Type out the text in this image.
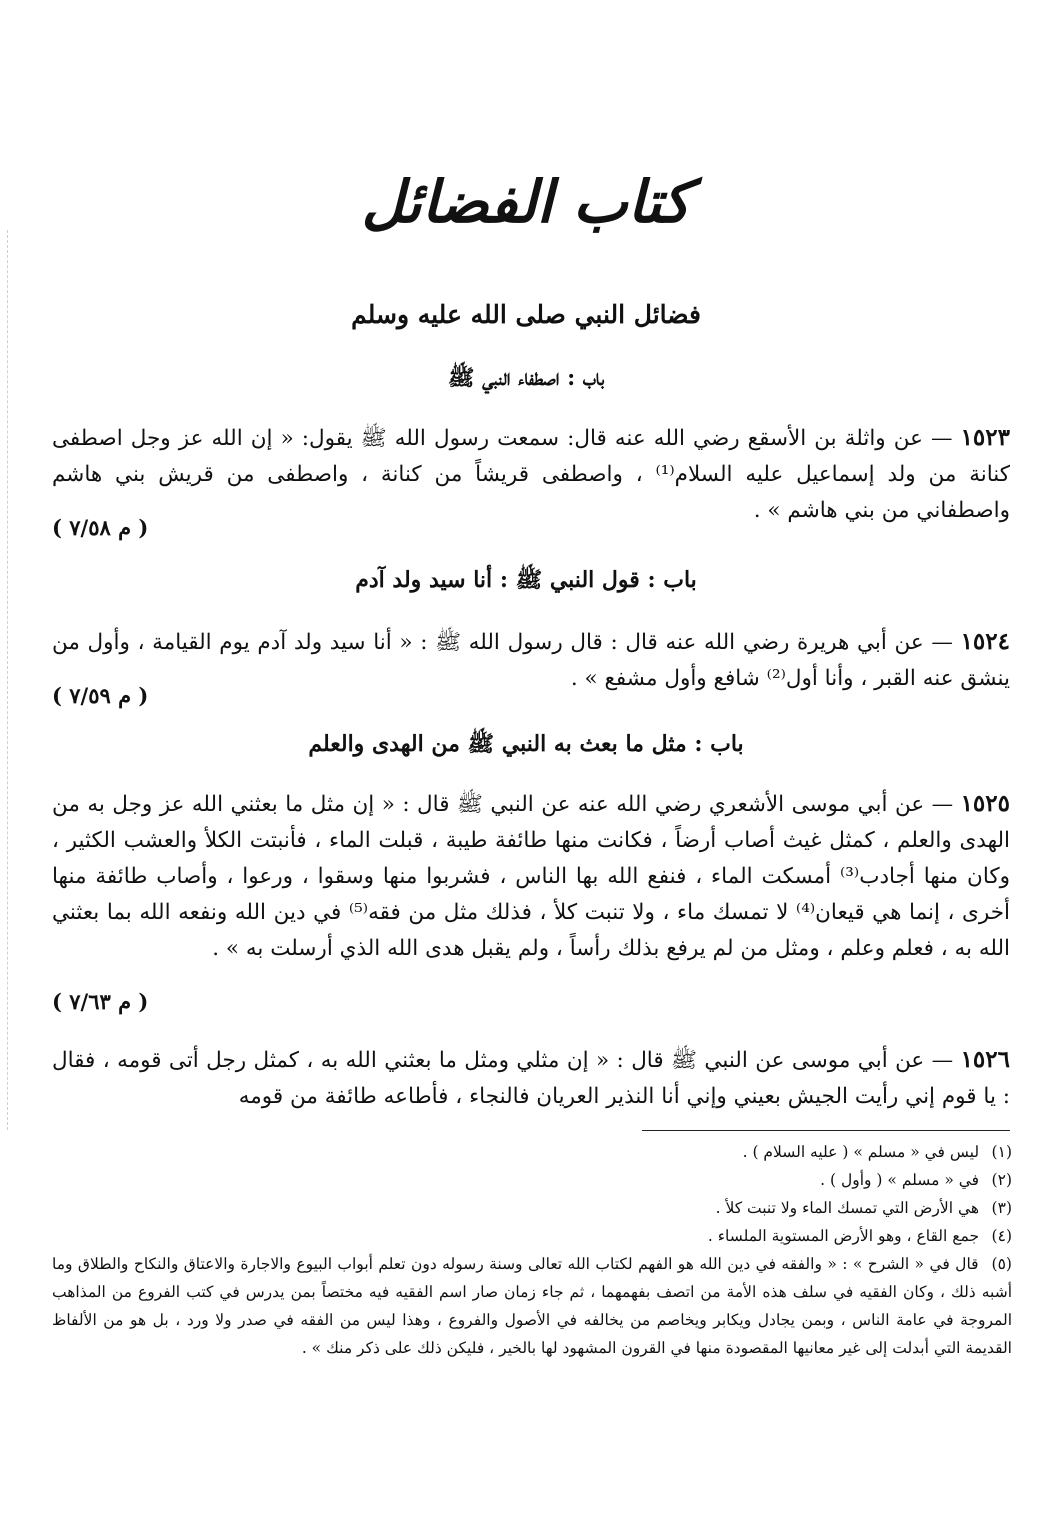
كتاب الفضائل
فضائل النبي صلى الله عليه وسلم
باب : اصطفاء النبي ﷺ
١٥٢٣ — عن واثلة بن الأسقع رضي الله عنه قال: سمعت رسول الله ﷺ يقول: « إن الله عز وجل اصطفى كنانة من ولد إسماعيل عليه السلام⁽¹⁾ ، واصطفى قريشاً من كنانة ، واصطفى من قريش بني هاشم واصطفاني من بني هاشم » .
( م ٧/٥٨ )
باب : قول النبي ﷺ : أنا سيد ولد آدم
١٥٢٤ — عن أبي هريرة رضي الله عنه قال : قال رسول الله ﷺ : « أنا سيد ولد آدم يوم القيامة ، وأول من ينشق عنه القبر ، وأنا أول⁽²⁾ شافع وأول مشفع » .
( م ٧/٥٩ )
باب : مثل ما بعث به النبي ﷺ من الهدى والعلم
١٥٢٥ — عن أبي موسى الأشعري رضي الله عنه عن النبي ﷺ قال : « إن مثل ما بعثني الله عز وجل به من الهدى والعلم ، كمثل غيث أصاب أرضاً ، فكانت منها طائفة طيبة ، قبلت الماء ، فأنبتت الكلأ والعشب الكثير ، وكان منها أجادب⁽³⁾ أمسكت الماء ، فنفع الله بها الناس ، فشربوا منها وسقوا ، ورعوا ، وأصاب طائفة منها أخرى ، إنما هي قيعان⁽⁴⁾ لا تمسك ماء ، ولا تنبت كلأ ، فذلك مثل من فقه⁽⁵⁾ في دين الله ونفعه الله بما بعثني الله به ، فعلم وعلم ، ومثل من لم يرفع بذلك رأساً ، ولم يقبل هدى الله الذي أرسلت به » .
( م ٧/٦٣ )
١٥٢٦ — عن أبي موسى عن النبي ﷺ قال : « إن مثلي ومثل ما بعثني الله به ، كمثل رجل أتى قومه ، فقال : يا قوم إني رأيت الجيش بعيني وإني أنا النذير العريان فالنجاء ، فأطاعه طائفة من قومه

(١) ليس في « مسلم » ( عليه السلام ) .

(٢) في « مسلم » ( وأول ) .

(٣) هي الأرض التي تمسك الماء ولا تنبت كلأ .

(٤) جمع القاع ، وهو الأرض المستوية الملساء .

(٥) قال في « الشرح » : « والفقه في دين الله هو الفهم لكتاب الله تعالى وسنة رسوله دون تعلم أبواب البيوع والاجارة والاعتاق والنكاح والطلاق وما أشبه ذلك ، وكان الفقيه في سلف هذه الأمة من اتصف بفهمهما ، ثم جاء زمان صار اسم الفقيه فيه مختصاً بمن يدرس في كتب الفروع من المذاهب المروجة في عامة الناس ، وبمن يجادل ويكابر ويخاصم من يخالفه في الأصول والفروع ، وهذا ليس من الفقه في صدر ولا ورد ، بل هو من الألفاظ القديمة التي أبدلت إلى غير معانيها المقصودة منها في القرون المشهود لها بالخير ، فليكن ذلك على ذكر منك » .
